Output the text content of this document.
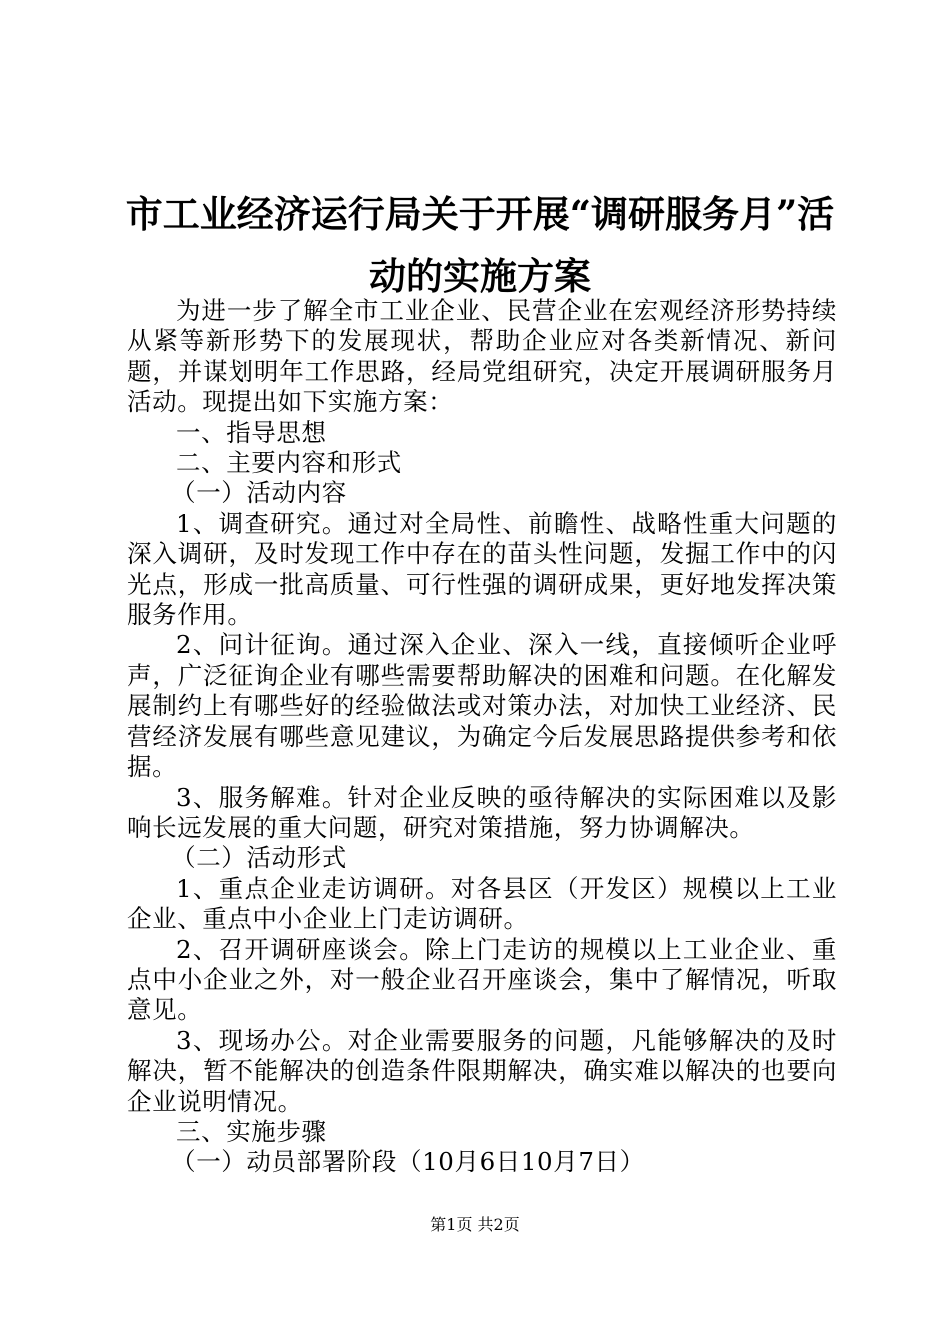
市工业经济运行局关于开展“调研服务月”活动的实施方案

为进一步了解全市工业企业、民营企业在宏观经济形势持续从紧等新形势下的发展现状，帮助企业应对各类新情况、新问题，并谋划明年工作思路，经局党组研究，决定开展调研服务月活动。现提出如下实施方案：

一、指导思想

二、主要内容和形式

（一）活动内容

1、调查研究。通过对全局性、前瞻性、战略性重大问题的深入调研，及时发现工作中存在的苗头性问题，发掘工作中的闪光点，形成一批高质量、可行性强的调研成果，更好地发挥决策服务作用。

2、问计征询。通过深入企业、深入一线，直接倾听企业呼声，广泛征询企业有哪些需要帮助解决的困难和问题。在化解发展制约上有哪些好的经验做法或对策办法，对加快工业经济、民营经济发展有哪些意见建议，为确定今后发展思路提供参考和依据。

3、服务解难。针对企业反映的亟待解决的实际困难以及影响长远发展的重大问题，研究对策措施，努力协调解决。

（二）活动形式

1、重点企业走访调研。对各县区（开发区）规模以上工业企业、重点中小企业上门走访调研。

2、召开调研座谈会。除上门走访的规模以上工业企业、重点中小企业之外，对一般企业召开座谈会，集中了解情况，听取意见。

3、现场办公。对企业需要服务的问题，凡能够解决的及时解决，暂不能解决的创造条件限期解决，确实难以解决的也要向企业说明情况。

三、实施步骤

（一）动员部署阶段（10月6日10月7日）

第1页 共2页
